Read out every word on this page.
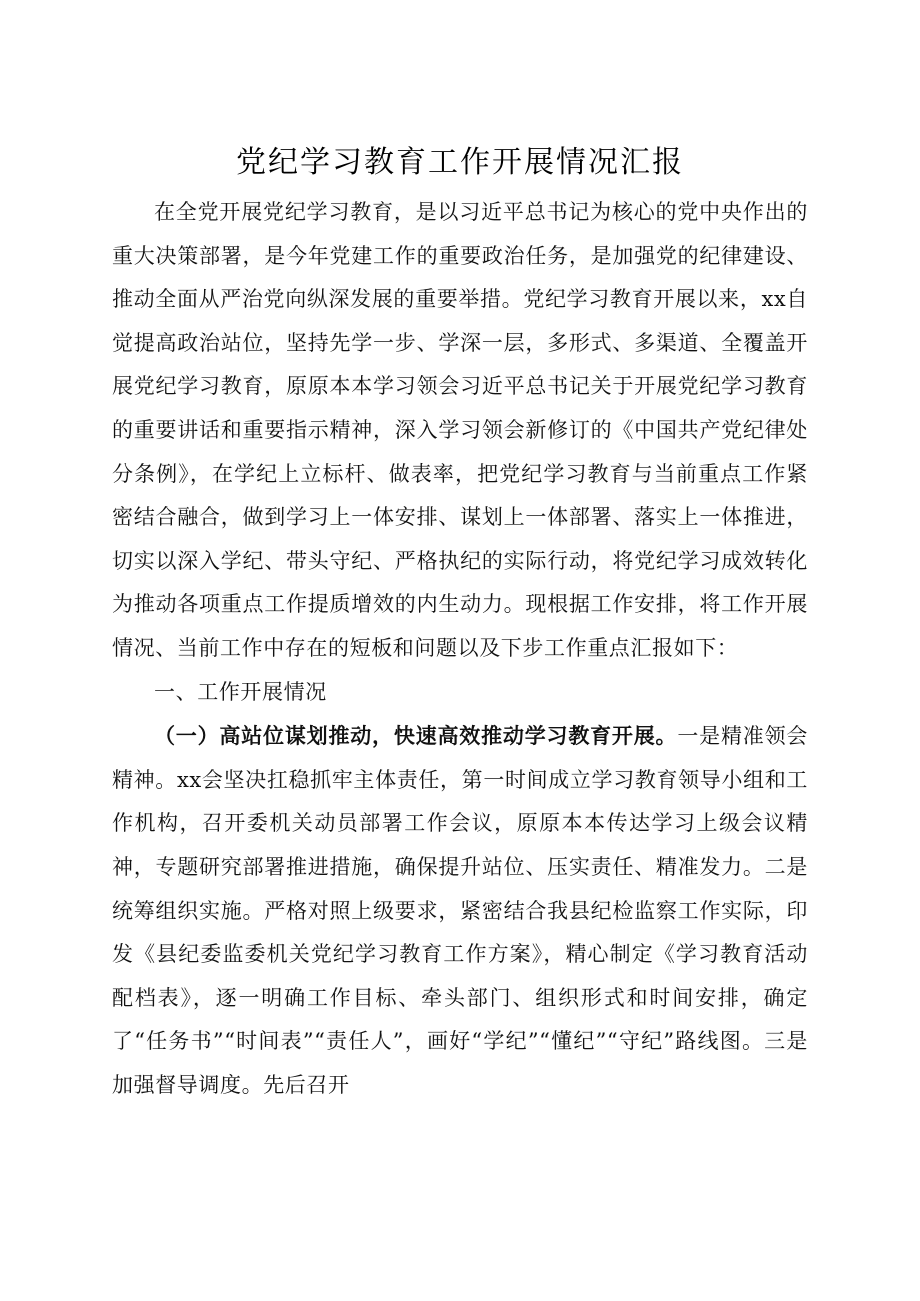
党纪学习教育工作开展情况汇报

在全党开展党纪学习教育，是以习近平总书记为核心的党中央作出的重大决策部署，是今年党建工作的重要政治任务，是加强党的纪律建设、推动全面从严治党向纵深发展的重要举措。党纪学习教育开展以来，xx自觉提高政治站位，坚持先学一步、学深一层，多形式、多渠道、全覆盖开展党纪学习教育，原原本本学习领会习近平总书记关于开展党纪学习教育的重要讲话和重要指示精神，深入学习领会新修订的《中国共产党纪律处分条例》，在学纪上立标杆、做表率，把党纪学习教育与当前重点工作紧密结合融合，做到学习上一体安排、谋划上一体部署、落实上一体推进，切实以深入学纪、带头守纪、严格执纪的实际行动，将党纪学习成效转化为推动各项重点工作提质增效的内生动力。现根据工作安排，将工作开展情况、当前工作中存在的短板和问题以及下步工作重点汇报如下：

一、工作开展情况

（一）高站位谋划推动，快速高效推动学习教育开展。一是精准领会精神。xx会坚决扛稳抓牢主体责任，第一时间成立学习教育领导小组和工作机构，召开委机关动员部署工作会议，原原本本传达学习上级会议精神，专题研究部署推进措施，确保提升站位、压实责任、精准发力。二是统筹组织实施。严格对照上级要求，紧密结合我县纪检监察工作实际，印发《县纪委监委机关党纪学习教育工作方案》，精心制定《学习教育活动配档表》，逐一明确工作目标、牵头部门、组织形式和时间安排，确定了“任务书”“时间表”“责任人”，画好“学纪”“懂纪”“守纪”路线图。三是加强督导调度。先后召开
